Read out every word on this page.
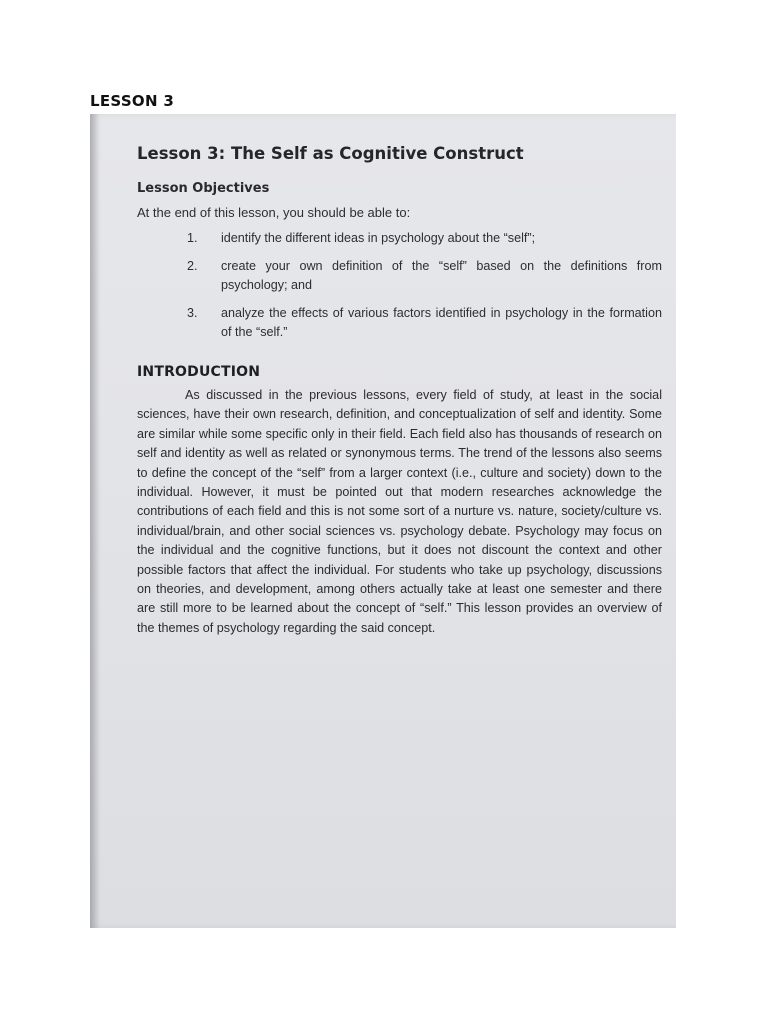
LESSON 3
Lesson 3: The Self as Cognitive Construct
Lesson Objectives
At the end of this lesson, you should be able to:
1.	identify the different ideas in psychology about the “self”;
2.	create your own definition of the “self” based on the definitions from psychology; and
3.	analyze the effects of various factors identified in psychology in the formation of the “self.”
INTRODUCTION

As discussed in the previous lessons, every field of study, at least in the social sciences, have their own research, definition, and conceptualization of self and identity. Some are similar while some specific only in their field. Each field also has thousands of research on self and identity as well as related or synonymous terms. The trend of the lessons also seems to define the concept of the “self” from a larger context (i.e., culture and society) down to the individual. However, it must be pointed out that modern researches acknowledge the contributions of each field and this is not some sort of a nurture vs. nature, society/culture vs. individual/brain, and other social sciences vs. psychology debate. Psychology may focus on the individual and the cognitive functions, but it does not discount the context and other possible factors that affect the individual. For students who take up psychology, discussions on theories, and development, among others actually take at least one semester and there are still more to be learned about the concept of “self.” This lesson provides an overview of the themes of psychology regarding the said concept.
